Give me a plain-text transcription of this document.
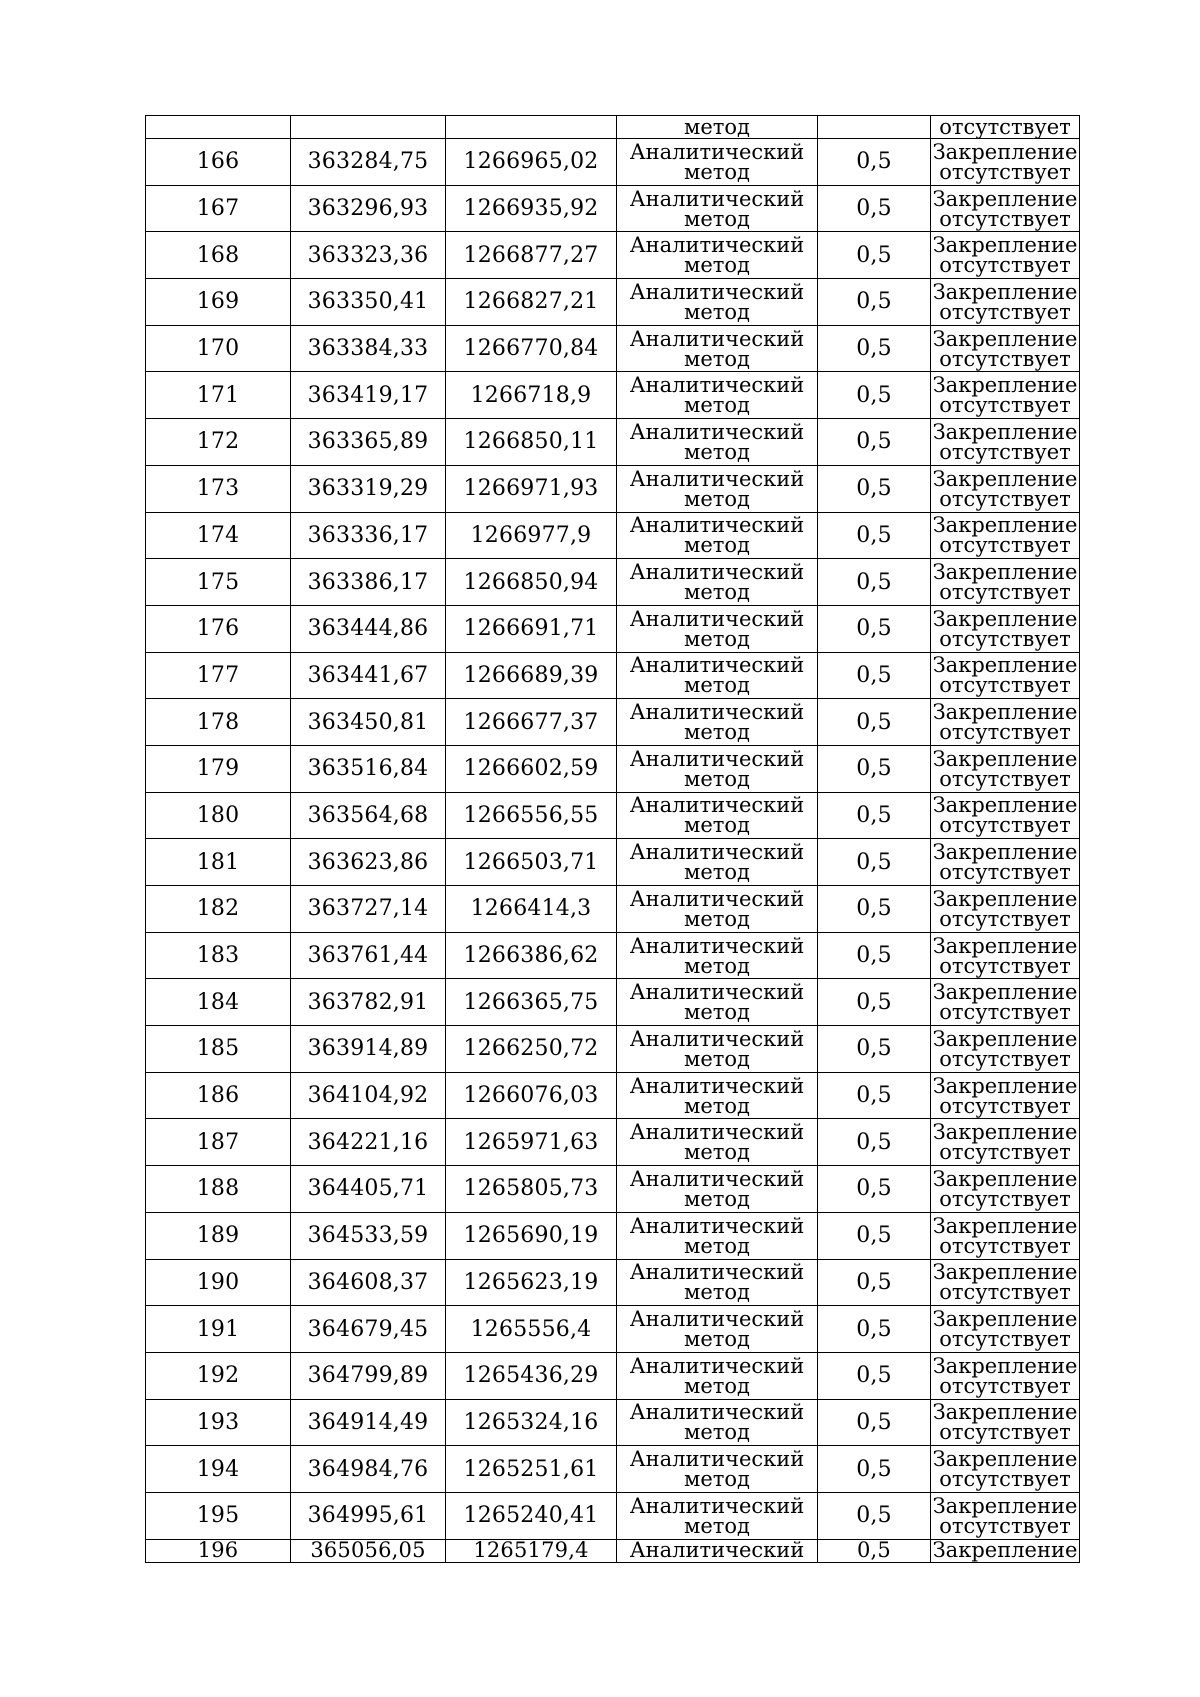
			метод		отсутствует
166	363284,75	1266965,02	Аналитический
метод	0,5	Закрепление
отсутствует

167	363296,93	1266935,92	Аналитический
метод	0,5	Закрепление
отсутствует

168	363323,36	1266877,27	Аналитический
метод	0,5	Закрепление
отсутствует

169	363350,41	1266827,21	Аналитический
метод	0,5	Закрепление
отсутствует

170	363384,33	1266770,84	Аналитический
метод	0,5	Закрепление
отсутствует

171	363419,17	1266718,9	Аналитический
метод	0,5	Закрепление
отсутствует

172	363365,89	1266850,11	Аналитический
метод	0,5	Закрепление
отсутствует

173	363319,29	1266971,93	Аналитический
метод	0,5	Закрепление
отсутствует

174	363336,17	1266977,9	Аналитический
метод	0,5	Закрепление
отсутствует

175	363386,17	1266850,94	Аналитический
метод	0,5	Закрепление
отсутствует

176	363444,86	1266691,71	Аналитический
метод	0,5	Закрепление
отсутствует

177	363441,67	1266689,39	Аналитический
метод	0,5	Закрепление
отсутствует

178	363450,81	1266677,37	Аналитический
метод	0,5	Закрепление
отсутствует

179	363516,84	1266602,59	Аналитический
метод	0,5	Закрепление
отсутствует

180	363564,68	1266556,55	Аналитический
метод	0,5	Закрепление
отсутствует

181	363623,86	1266503,71	Аналитический
метод	0,5	Закрепление
отсутствует

182	363727,14	1266414,3	Аналитический
метод	0,5	Закрепление
отсутствует

183	363761,44	1266386,62	Аналитический
метод	0,5	Закрепление
отсутствует

184	363782,91	1266365,75	Аналитический
метод	0,5	Закрепление
отсутствует

185	363914,89	1266250,72	Аналитический
метод	0,5	Закрепление
отсутствует

186	364104,92	1266076,03	Аналитический
метод	0,5	Закрепление
отсутствует

187	364221,16	1265971,63	Аналитический
метод	0,5	Закрепление
отсутствует

188	364405,71	1265805,73	Аналитический
метод	0,5	Закрепление
отсутствует

189	364533,59	1265690,19	Аналитический
метод	0,5	Закрепление
отсутствует

190	364608,37	1265623,19	Аналитический
метод	0,5	Закрепление
отсутствует

191	364679,45	1265556,4	Аналитический
метод	0,5	Закрепление
отсутствует

192	364799,89	1265436,29	Аналитический
метод	0,5	Закрепление
отсутствует

193	364914,49	1265324,16	Аналитический
метод	0,5	Закрепление
отсутствует

194	364984,76	1265251,61	Аналитический
метод	0,5	Закрепление
отсутствует

195	364995,61	1265240,41	Аналитический
метод	0,5	Закрепление
отсутствует

196	365056,05	1265179,4	Аналитический	0,5	Закрепление
